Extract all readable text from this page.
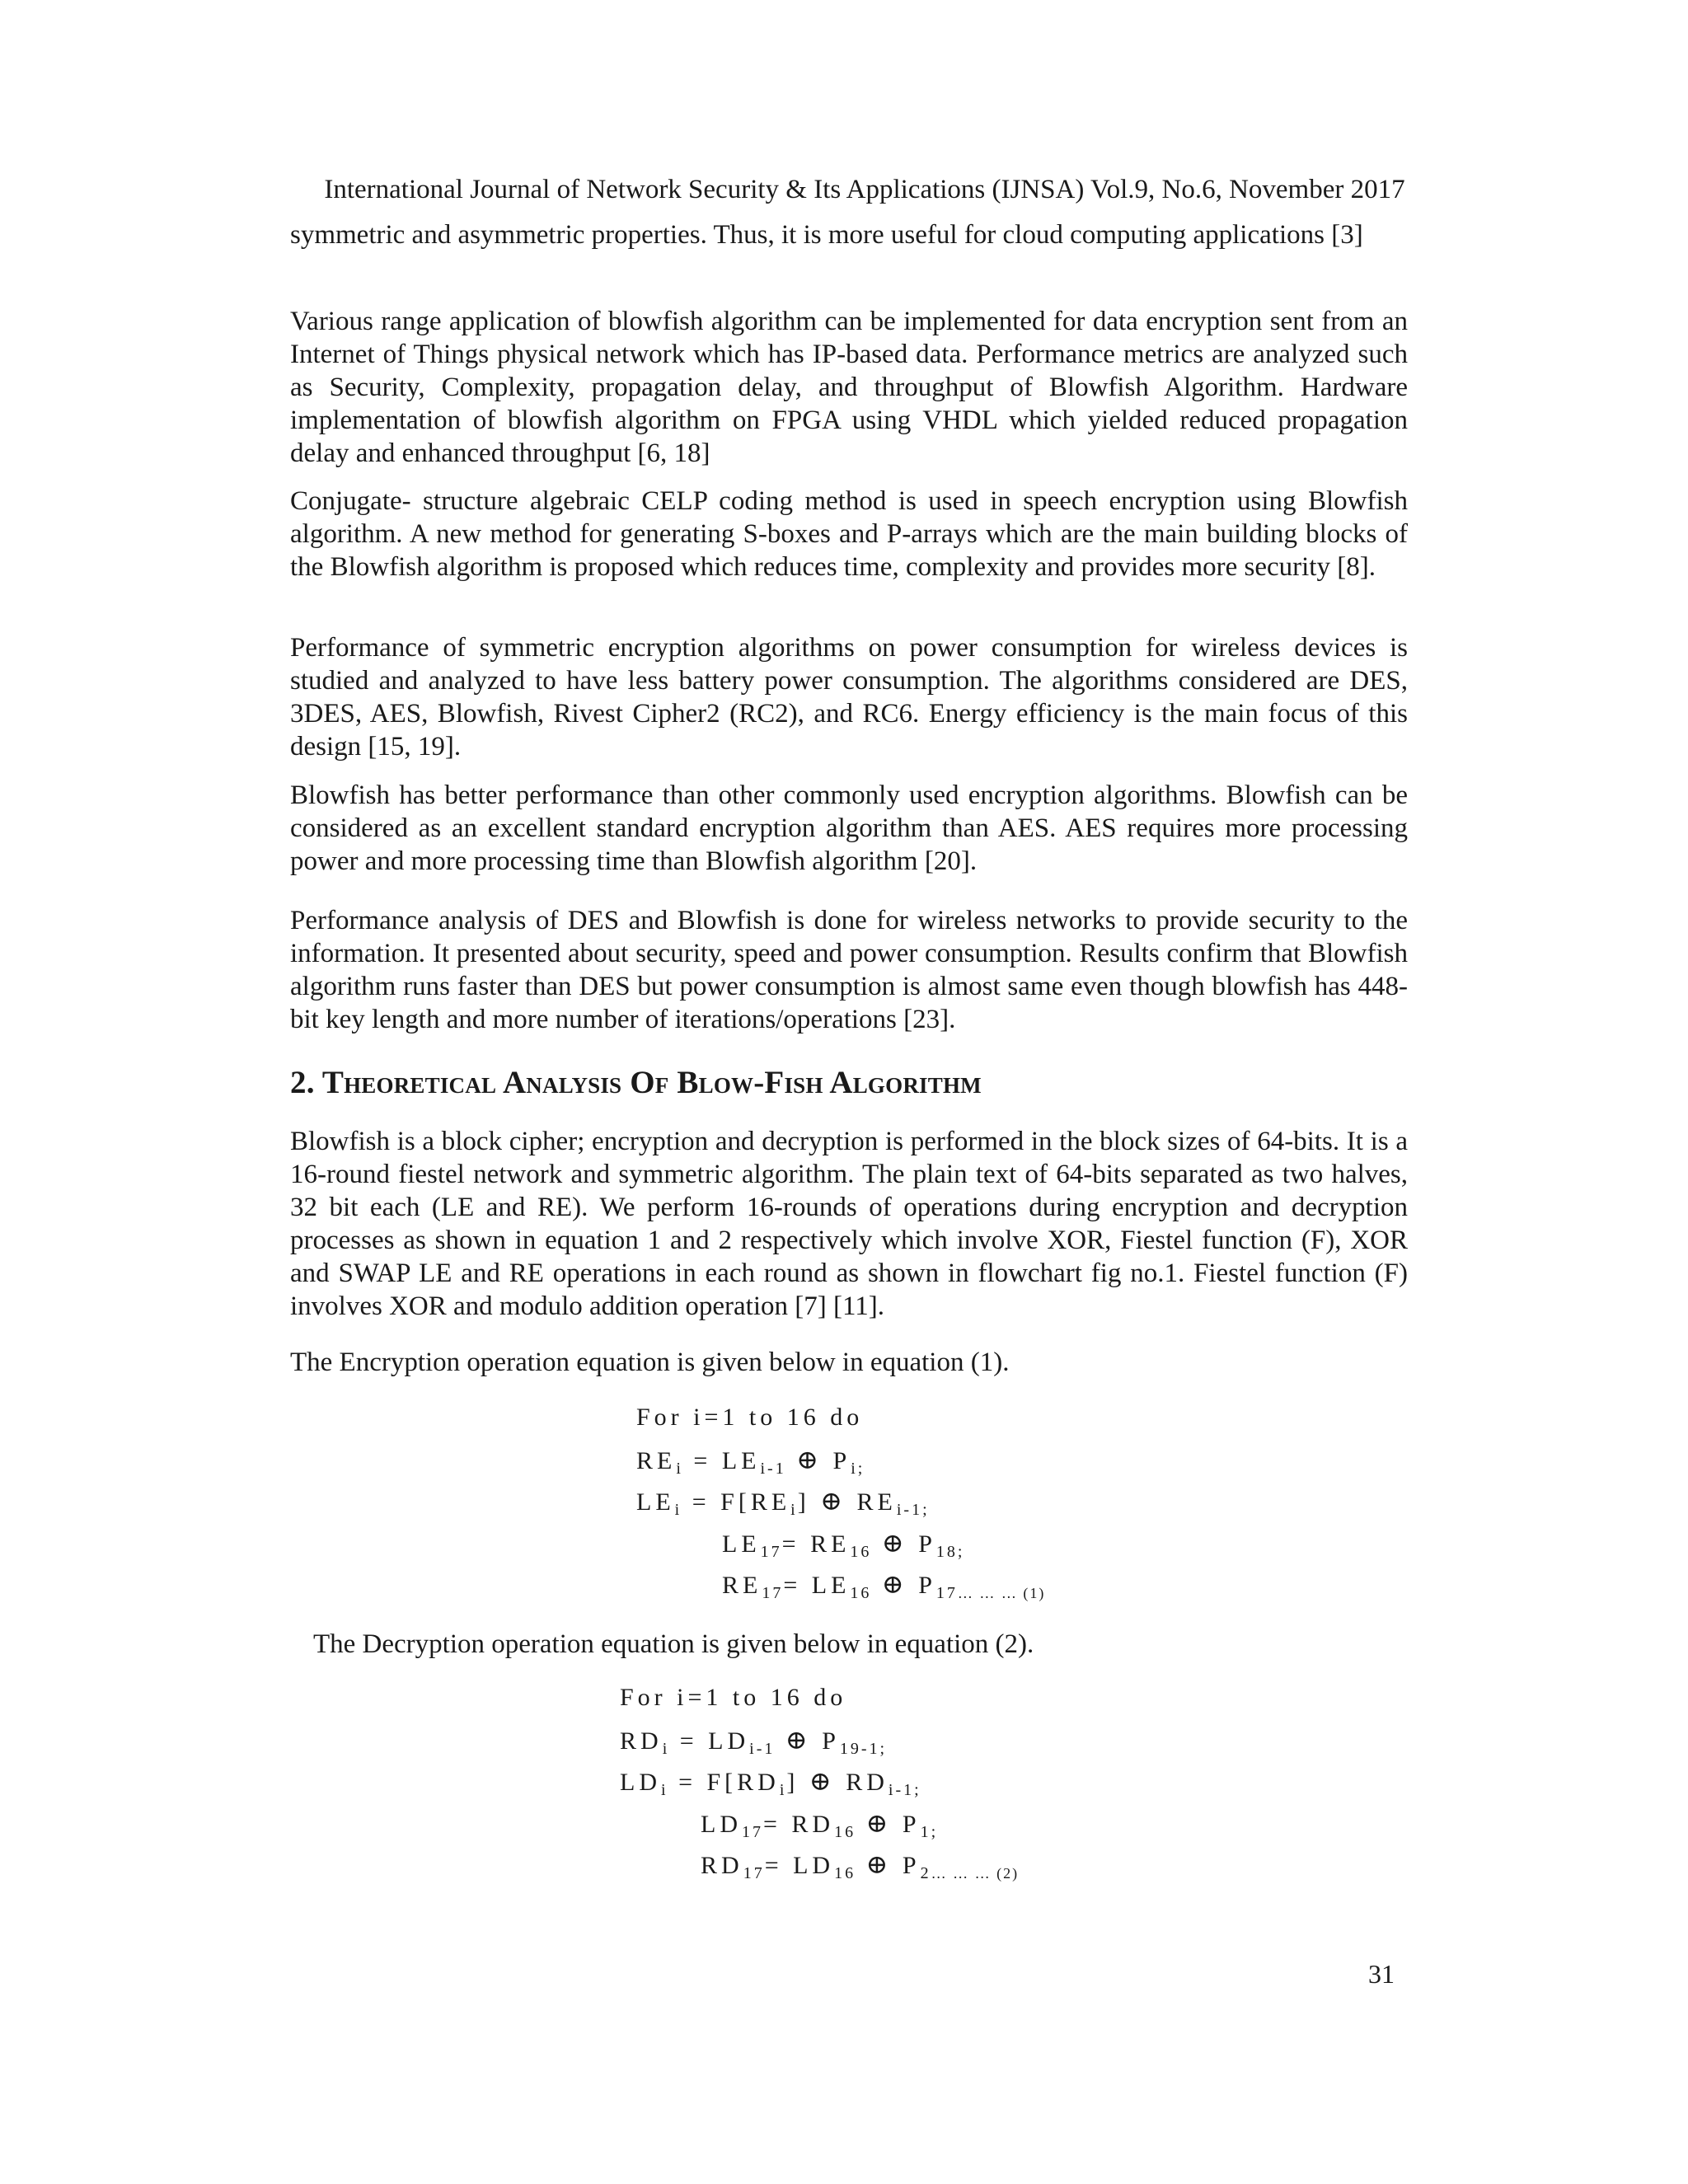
International Journal of Network Security & Its Applications (IJNSA) Vol.9, No.6, November 2017

symmetric and asymmetric properties. Thus, it is more useful for cloud computing applications [3]

Various range application of blowfish algorithm can be implemented for data encryption sent from an Internet of Things physical network which has IP-based data. Performance metrics are analyzed such as Security, Complexity, propagation delay, and throughput of Blowfish Algorithm. Hardware implementation of blowfish algorithm on FPGA using VHDL which yielded reduced propagation delay and enhanced throughput [6, 18]

Conjugate- structure algebraic CELP coding method is used in speech encryption using Blowfish algorithm. A new method for generating S-boxes and P-arrays which are the main building blocks of the Blowfish algorithm is proposed which reduces time, complexity and provides more security [8].

Performance of symmetric encryption algorithms on power consumption for wireless devices is studied and analyzed to have less battery power consumption. The algorithms considered are DES, 3DES, AES, Blowfish, Rivest Cipher2 (RC2), and RC6. Energy efficiency is the main focus of this design [15, 19].

Blowfish has better performance than other commonly used encryption algorithms. Blowfish can be considered as an excellent standard encryption algorithm than AES. AES requires more processing power and more processing time than Blowfish algorithm [20].

Performance analysis of DES and Blowfish is done for wireless networks to provide security to the information. It presented about security, speed and power consumption. Results confirm that Blowfish algorithm runs faster than DES but power consumption is almost same even though blowfish has 448-bit key length and more number of iterations/operations [23].

2. Theoretical Analysis Of Blow-Fish Algorithm

Blowfish is a block cipher; encryption and decryption is performed in the block sizes of 64-bits. It is a 16-round fiestel network and symmetric algorithm. The plain text of 64-bits separated as two halves, 32 bit each (LE and RE). We perform 16-rounds of operations during encryption and decryption processes as shown in equation 1 and 2 respectively which involve XOR, Fiestel function (F), XOR and SWAP LE and RE operations in each round as shown in flowchart fig no.1. Fiestel function (F) involves XOR and modulo addition operation [7] [11].

The Encryption operation equation is given below in equation (1).

The Decryption operation equation is given below in equation (2).

For i=1 to 16 do
$RE_i = LE_{i-1}$ ⊕ $P_{i;}$
$LE_i = F[RE_i]$ ⊕ $RE_{i-1;}$
$LE_{17}= RE_{16}$ ⊕ $P_{18;}$
$RE_{17}= LE_{16}$ ⊕ $P_{17\dots \dots \dots (1)}$
For i=1 to 16 do
$RD_i = LD_{i-1}$ ⊕ $P_{19-1;}$
$LD_i = F[RD_i]$ ⊕ $RD_{i-1;}$
$LD_{17}= RD_{16}$ ⊕ $P_{1;}$
$RD_{17}= LD_{16}$ ⊕ $P_{2\dots \dots \dots (2)}$
31
